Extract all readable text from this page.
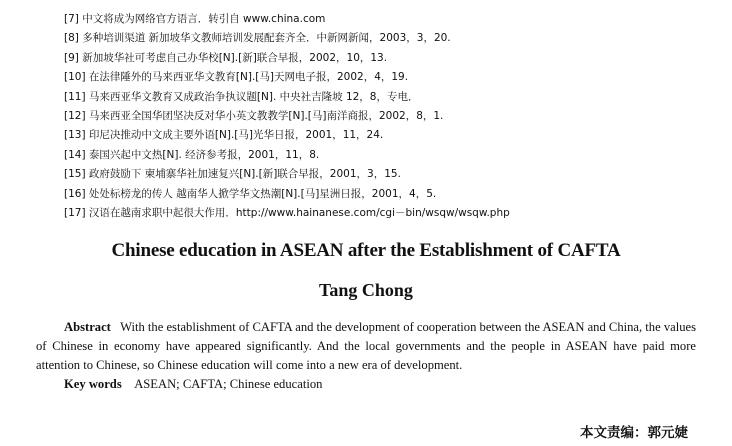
[7] 中文将成为网络官方语言．转引自 www.china.com
[8] 多种培训渠道 新加坡华文教师培训发展配套齐全．中新网新闻，2003，3，20.
[9] 新加坡华社可考虑自己办华校[N].[新]联合早报，2002，10，13.
[10] 在法律陲外的马来西亚华文教育[N].[马]天网电子报，2002，4，19.
[11] 马来西亚华文教育又成政治争执议题[N]. 中央社吉隆坡 12，8，专电．
[12] 马来西亚全国华团坚决反对华小英文教教学[N].[马]南洋商报，2002，8，1.
[13] 印尼决推动中文成主要外语[N].[马]光华日报，2001，11，24.
[14] 泰国兴起中文热[N]. 经济参考报，2001，11，8.
[15] 政府鼓励下 柬埔寨华社加速复兴[N].[新]联合早报，2001，3，15.
[16] 处处标榜龙的传人 越南华人掀学华文热潮[N].[马]星洲日报，2001，4，5.
[17] 汉语在越南求职中起很大作用．http://www.hainanese.com/cgi－bin/wsqw/wsqw.php
Chinese education in ASEAN after the Establishment of CAFTA
Tang Chong

Abstract With the establishment of CAFTA and the development of cooperation between the ASEAN and China, the values of Chinese in economy have appeared significantly. And the local governments and the people in ASEAN have paid more attention to Chinese, so Chinese education will come into a new era of development.

Key words ASEAN; CAFTA; Chinese education
本文责编：郭元婕
